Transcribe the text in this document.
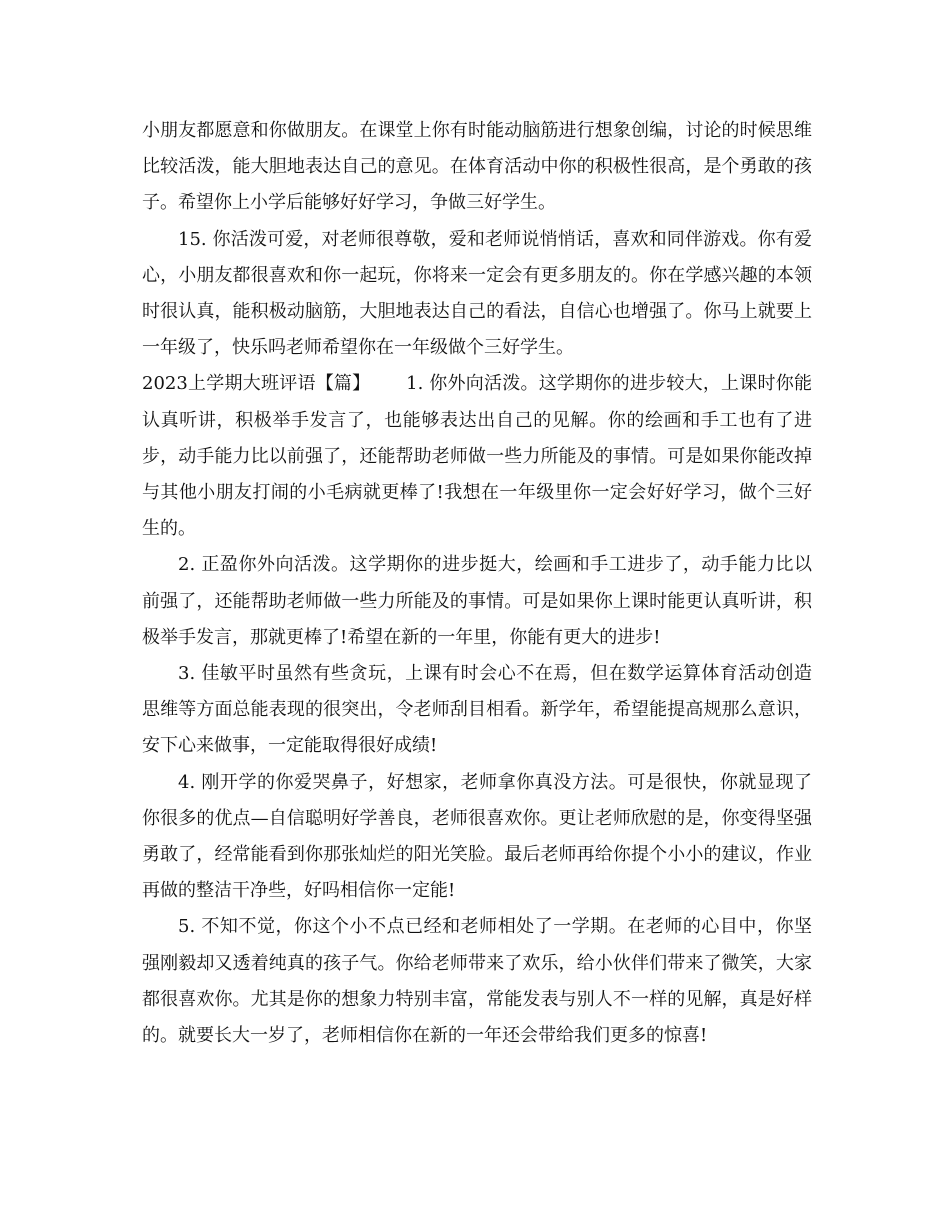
小朋友都愿意和你做朋友。在课堂上你有时能动脑筋进行想象创编，讨论的时候思维比较活泼，能大胆地表达自己的意见。在体育活动中你的积极性很高，是个勇敢的孩子。希望你上小学后能够好好学习，争做三好学生。

15. 你活泼可爱，对老师很尊敬，爱和老师说悄悄话，喜欢和同伴游戏。你有爱心，小朋友都很喜欢和你一起玩，你将来一定会有更多朋友的。你在学感兴趣的本领时很认真，能积极动脑筋，大胆地表达自己的看法，自信心也增强了。你马上就要上一年级了，快乐吗老师希望你在一年级做个三好学生。

2023上学期大班评语【篇】 1. 你外向活泼。这学期你的进步较大，上课时你能认真听讲，积极举手发言了，也能够表达出自己的见解。你的绘画和手工也有了进步，动手能力比以前强了，还能帮助老师做一些力所能及的事情。可是如果你能改掉与其他小朋友打闹的小毛病就更棒了!我想在一年级里你一定会好好学习，做个三好生的。

2. 正盈你外向活泼。这学期你的进步挺大，绘画和手工进步了，动手能力比以前强了，还能帮助老师做一些力所能及的事情。可是如果你上课时能更认真听讲，积极举手发言，那就更棒了!希望在新的一年里，你能有更大的进步!

3. 佳敏平时虽然有些贪玩，上课有时会心不在焉，但在数学运算体育活动创造思维等方面总能表现的很突出，令老师刮目相看。新学年，希望能提高规那么意识，安下心来做事，一定能取得很好成绩!

4. 刚开学的你爱哭鼻子，好想家，老师拿你真没方法。可是很快，你就显现了你很多的优点—自信聪明好学善良，老师很喜欢你。更让老师欣慰的是，你变得坚强勇敢了，经常能看到你那张灿烂的阳光笑脸。最后老师再给你提个小小的建议，作业再做的整洁干净些，好吗相信你一定能!

5. 不知不觉，你这个小不点已经和老师相处了一学期。在老师的心目中，你坚强刚毅却又透着纯真的孩子气。你给老师带来了欢乐，给小伙伴们带来了微笑，大家都很喜欢你。尤其是你的想象力特别丰富，常能发表与别人不一样的见解，真是好样的。就要长大一岁了，老师相信你在新的一年还会带给我们更多的惊喜!
